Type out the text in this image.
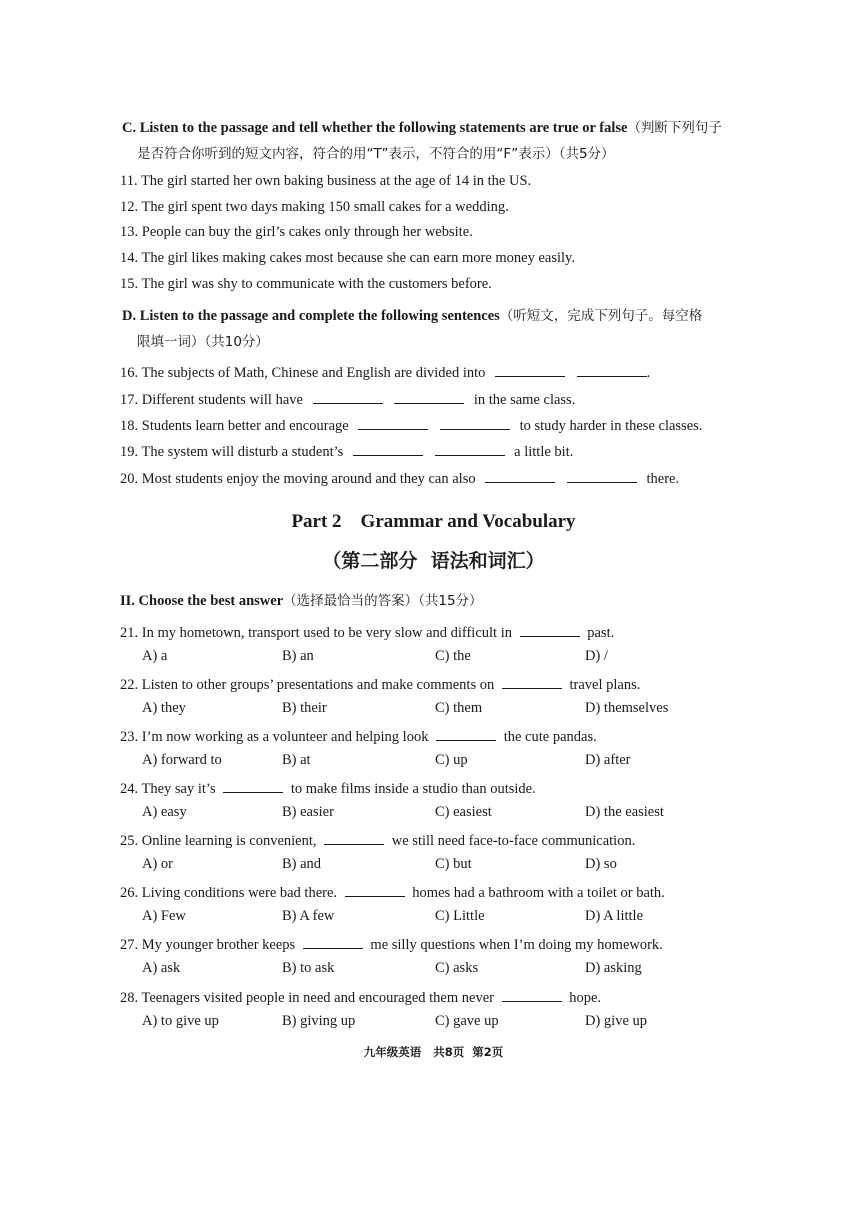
C. Listen to the passage and tell whether the following statements are true or false（判断下列句子
是否符合你听到的短文内容，符合的用“T”表示，不符合的用“F”表示）（共5分）
11. The girl started her own baking business at the age of 14 in the US.
12. The girl spent two days making 150 small cakes for a wedding.
13. People can buy the girl’s cakes only through her website.
14. The girl likes making cakes most because she can earn more money easily.
15. The girl was shy to communicate with the customers before.
D. Listen to the passage and complete the following sentences（听短文，完成下列句子。每空格
限填一词）（共10分）
16. The subjects of Math, Chinese and English are divided into	.
17. Different students will have	in the same class.
18. Students learn better and encourage	to study harder in these classes.
19. The system will disturb a student’s	a little bit.
20. Most students enjoy the moving around and they can also	there.
Part 2    Grammar and Vocabulary
（第二部分  语法和词汇）
II. Choose the best answer（选择最恰当的答案）（共15分）
21. In my hometown, transport used to be very slow and difficult in	past.
A) a	B) an	C) the	D) /
22. Listen to other groups’ presentations and make comments on	travel plans.
A) they	B) their	C) them	D) themselves
23. I’m now working as a volunteer and helping look	the cute pandas.
A) forward to	B) at	C) up	D) after
24. They say it’s	to make films inside a studio than outside.
A) easy	B) easier	C) easiest	D) the easiest
25. Online learning is convenient,	we still need face-to-face communication.
A) or	B) and	C) but	D) so
26. Living conditions were bad there.	homes had a bathroom with a toilet or bath.
A) Few	B) A few	C) Little	D) A little
27. My younger brother keeps	me silly questions when I’m doing my homework.
A) ask	B) to ask	C) asks	D) asking
28. Teenagers visited people in need and encouraged them never	hope.
A) to give up	B) giving up	C) gave up	D) give up
九年级英语   共8页  第2页
